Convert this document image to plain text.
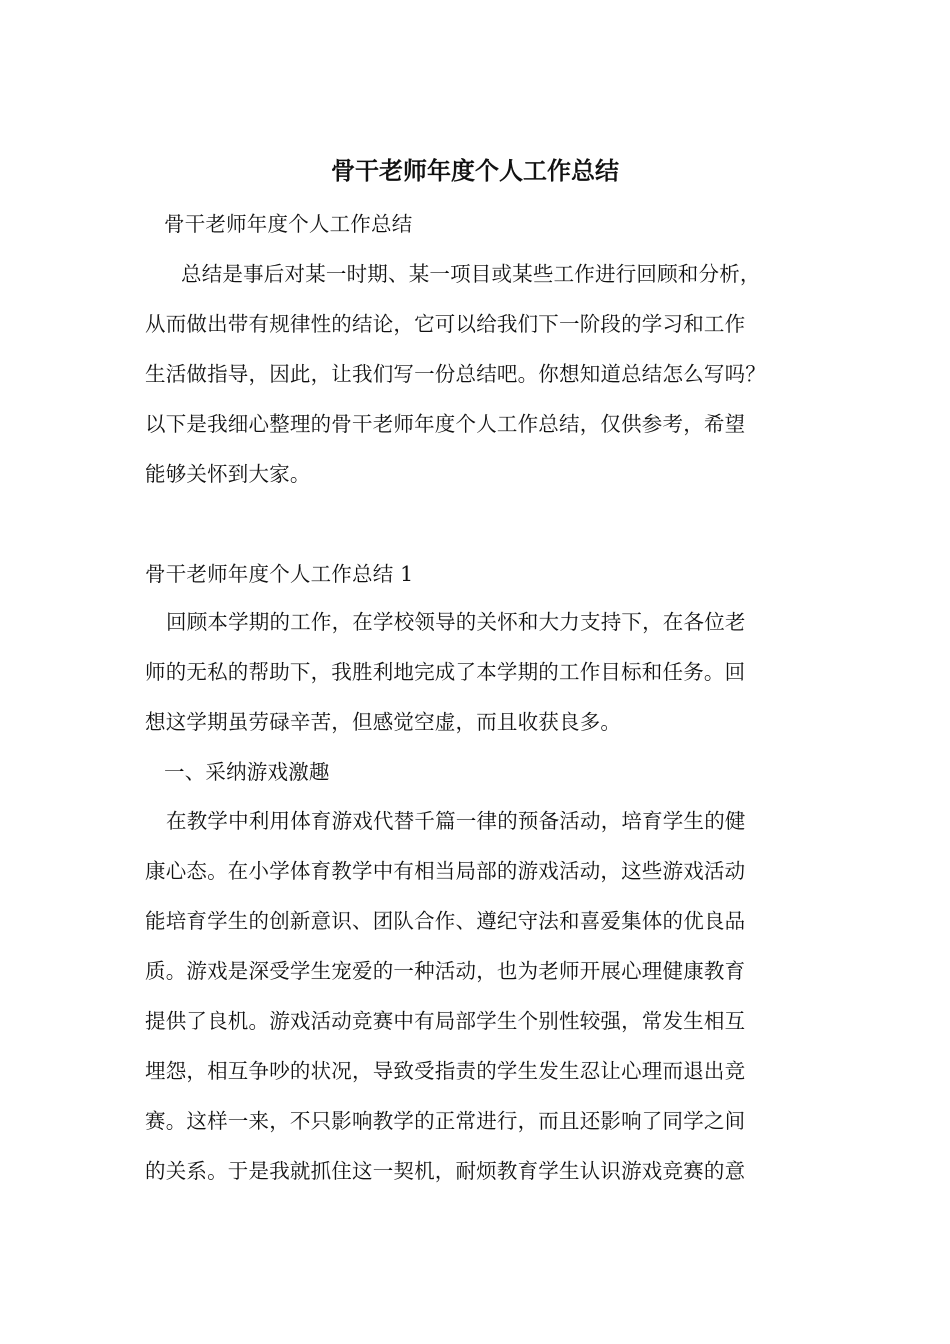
骨干老师年度个人工作总结
骨干老师年度个人工作总结
总结是事后对某一时期、某一项目或某些工作进行回顾和分析，
从而做出带有规律性的结论，它可以给我们下一阶段的学习和工作
生活做指导，因此，让我们写一份总结吧。你想知道总结怎么写吗？
以下是我细心整理的骨干老师年度个人工作总结，仅供参考，希望
能够关怀到大家。
骨干老师年度个人工作总结 1
回顾本学期的工作，在学校领导的关怀和大力支持下，在各位老
师的无私的帮助下，我胜利地完成了本学期的工作目标和任务。回
想这学期虽劳碌辛苦，但感觉空虚，而且收获良多。
一、采纳游戏激趣
在教学中利用体育游戏代替千篇一律的预备活动，培育学生的健
康心态。在小学体育教学中有相当局部的游戏活动，这些游戏活动
能培育学生的创新意识、团队合作、遵纪守法和喜爱集体的优良品
质。游戏是深受学生宠爱的一种活动，也为老师开展心理健康教育
提供了良机。游戏活动竞赛中有局部学生个别性较强，常发生相互
埋怨，相互争吵的状况，导致受指责的学生发生忍让心理而退出竞
赛。这样一来，不只影响教学的正常进行，而且还影响了同学之间
的关系。于是我就抓住这一契机，耐烦教育学生认识游戏竞赛的意
